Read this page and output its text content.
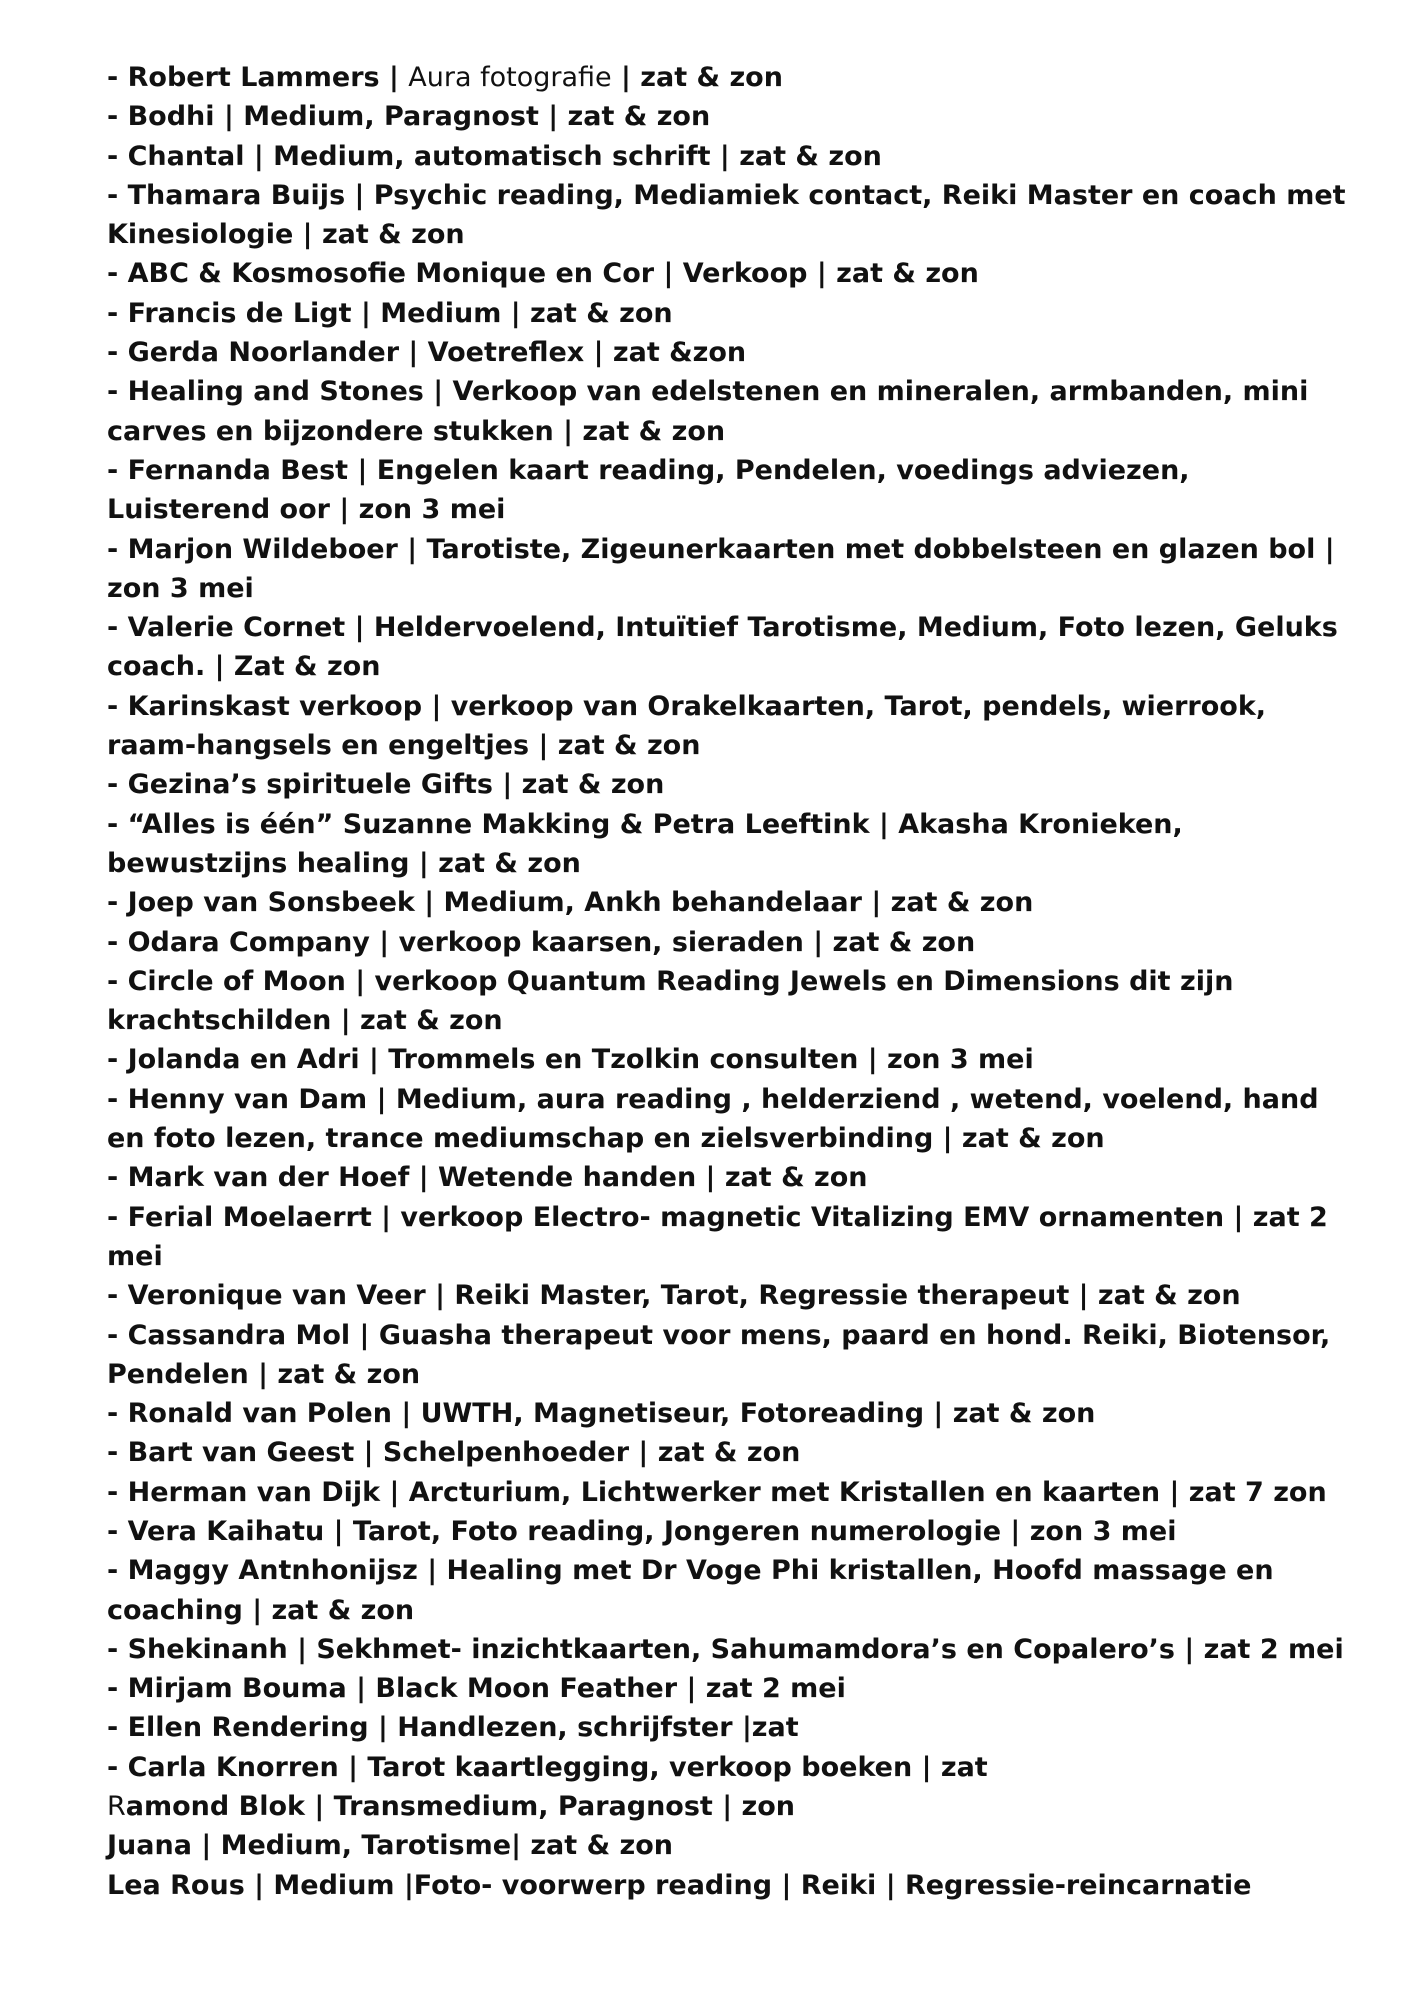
- Robert Lammers | Aura fotografie | zat & zon

- Bodhi | Medium, Paragnost | zat & zon

- Chantal | Medium, automatisch schrift | zat & zon

- Thamara Buijs | Psychic reading, Mediamiek contact, Reiki Master en coach met Kinesiologie | zat & zon

- ABC & Kosmosofie Monique en Cor | Verkoop | zat & zon

- Francis de Ligt | Medium | zat & zon

- Gerda Noorlander | Voetreflex | zat &zon

- Healing and Stones | Verkoop van edelstenen en mineralen, armbanden, mini carves en bijzondere stukken | zat & zon

- Fernanda Best | Engelen kaart reading, Pendelen, voedings adviezen, Luisterend oor | zon 3 mei

- Marjon Wildeboer | Tarotiste, Zigeunerkaarten met dobbelsteen en glazen bol | zon 3 mei

- Valerie Cornet | Heldervoelend, Intuïtief Tarotisme, Medium, Foto lezen, Geluks coach. | Zat & zon

- Karinskast verkoop | verkoop van Orakelkaarten, Tarot, pendels, wierrook, raam-hangsels en engeltjes | zat & zon

- Gezina’s spirituele Gifts | zat & zon

- “Alles is één” Suzanne Makking & Petra Leeftink | Akasha Kronieken, bewustzijns healing | zat & zon

- Joep van Sonsbeek | Medium, Ankh behandelaar | zat & zon

- Odara Company | verkoop kaarsen, sieraden | zat & zon

- Circle of Moon | verkoop Quantum Reading Jewels en Dimensions dit zijn krachtschilden | zat & zon

- Jolanda en Adri | Trommels en Tzolkin consulten | zon 3 mei

- Henny van Dam | Medium, aura reading , helderziend , wetend, voelend, hand en foto lezen, trance mediumschap en zielsverbinding | zat & zon

- Mark van der Hoef | Wetende handen | zat & zon

- Ferial Moelaerrt | verkoop Electro- magnetic Vitalizing EMV ornamenten | zat 2 mei

- Veronique van Veer | Reiki Master, Tarot, Regressie therapeut | zat & zon

- Cassandra Mol | Guasha therapeut voor mens, paard en hond. Reiki, Biotensor, Pendelen | zat & zon

- Ronald van Polen | UWTH, Magnetiseur, Fotoreading | zat & zon

- Bart van Geest | Schelpenhoeder | zat & zon

- Herman van Dijk | Arcturium, Lichtwerker met Kristallen en kaarten | zat 7 zon

- Vera Kaihatu | Tarot, Foto reading, Jongeren numerologie | zon 3 mei

- Maggy Antnhonijsz | Healing met Dr Voge Phi kristallen, Hoofd massage en coaching | zat & zon

- Shekinanh | Sekhmet- inzichtkaarten, Sahumamdora’s en Copalero’s | zat 2 mei

- Mirjam Bouma | Black Moon Feather | zat 2 mei

- Ellen Rendering | Handlezen, schrijfster |zat

- Carla Knorren | Tarot kaartlegging, verkoop boeken | zat

Ramond Blok | Transmedium, Paragnost | zon

Juana | Medium, Tarotisme| zat & zon

Lea Rous | Medium |Foto- voorwerp reading | Reiki | Regressie-reincarnatie
